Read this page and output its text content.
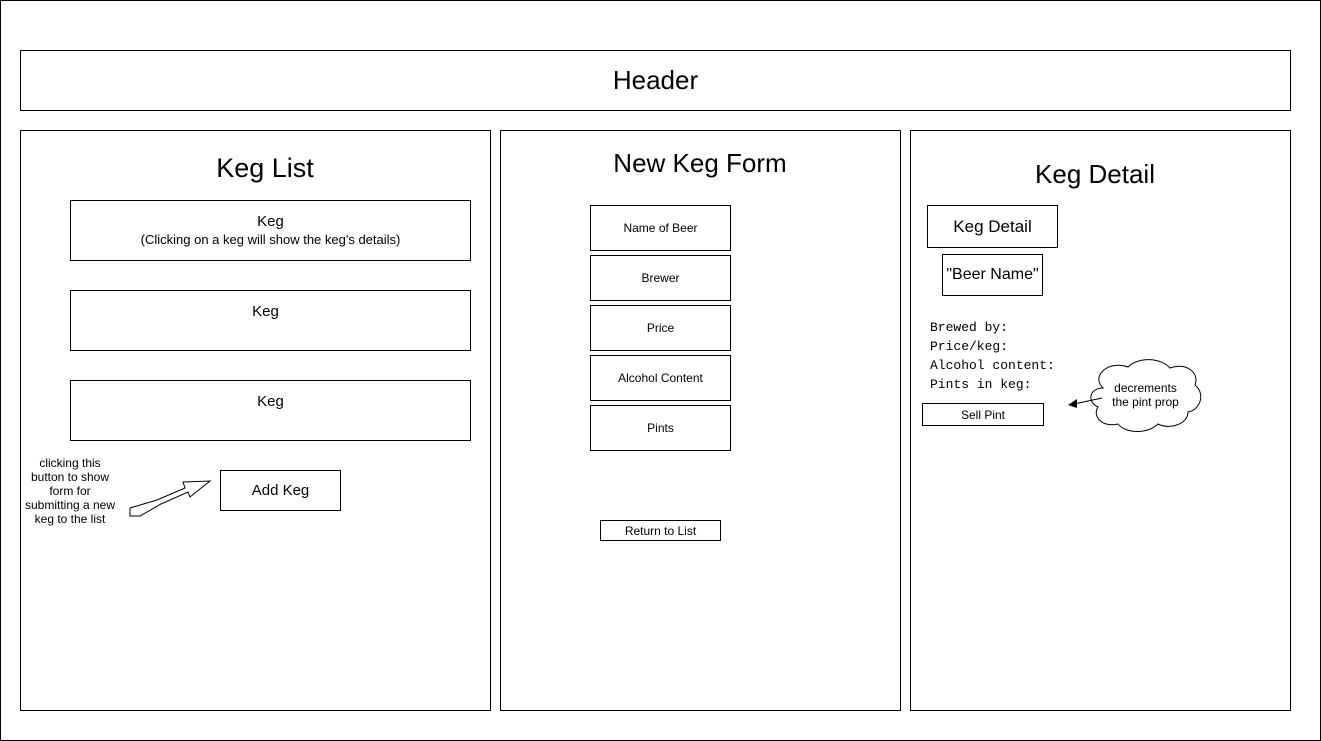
Header
Keg List
Keg
(Clicking on a keg will show the keg's details)
Keg
Keg
clicking this button to show form for submitting a new keg to the list
Add Keg
New Keg Form
Name of Beer
Brewer
Price
Alcohol Content
Pints
Return to List
Keg Detail
Keg Detail
"Beer Name"
Brewed by:
Price/keg:
Alcohol content:
Pints in keg:
Sell Pint
decrements the pint prop
